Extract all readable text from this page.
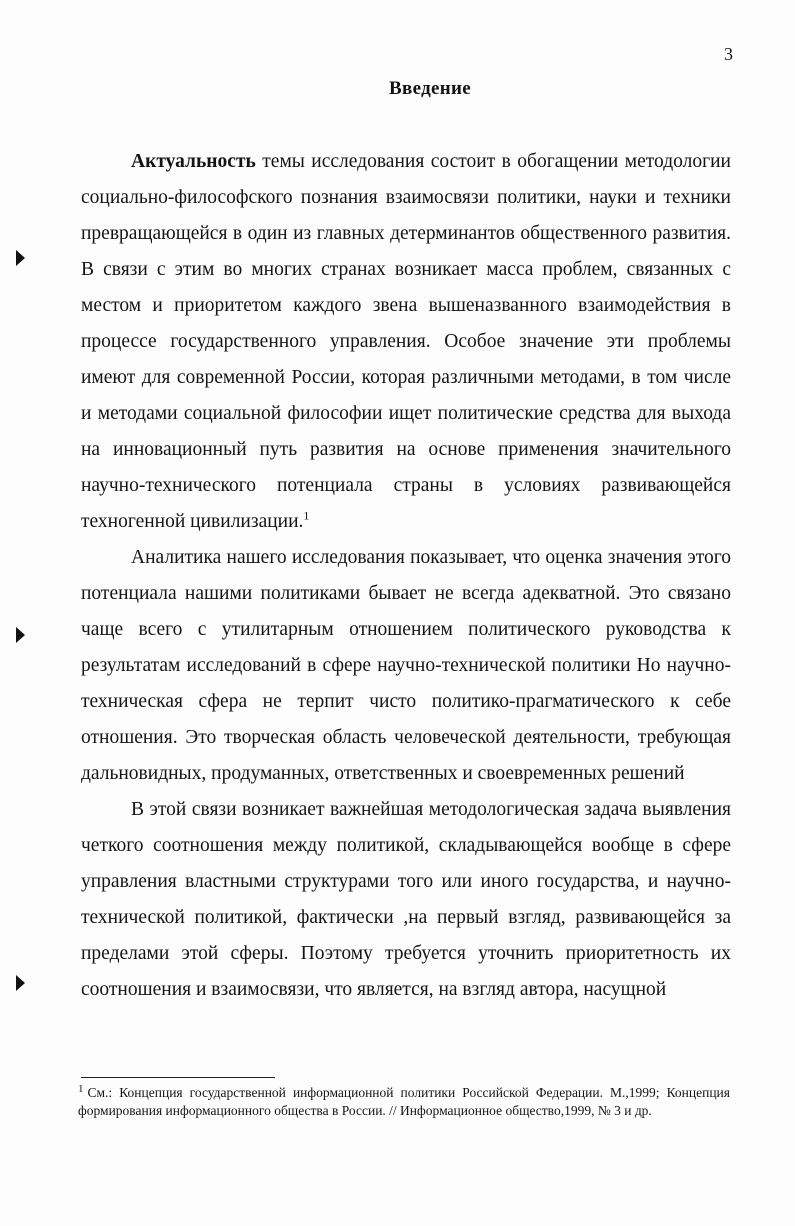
3
Введение

Актуальность темы исследования состоит в обогащении методологии социально-философского познания взаимосвязи политики, науки и техники превращающейся в один из главных детерминантов общественного развития. В связи с этим во многих странах возникает масса проблем, связанных с местом и приоритетом каждого звена вышеназванного взаимодействия в процессе государственного управления. Особое значение эти проблемы имеют для современной России, которая различными методами, в том числе и методами социальной философии ищет политические средства для выхода на инновационный путь развития на основе применения значительного научно-технического потенциала страны в условиях развивающейся техногенной цивилизации.$^1$

Аналитика нашего исследования показывает, что оценка значения этого потенциала нашими политиками бывает не всегда адекватной. Это связано чаще всего с утилитарным отношением политического руководства к результатам исследований в сфере научно-технической политики Но научно-техническая сфера не терпит чисто политико-прагматического к себе отношения. Это творческая область человеческой деятельности, требующая дальновидных, продуманных, ответственных и своевременных решений

В этой связи возникает важнейшая методологическая задача выявления четкого соотношения между политикой, складывающейся вообще в сфере управления властными структурами того или иного государства, и научно-технической политикой, фактически ,на первый взгляд, развивающейся за пределами этой сферы. Поэтому требуется уточнить приоритетность их соотношения и взаимосвязи, что является, на взгляд автора, насущной

$^1$ См.: Концепция государственной информационной политики Российской Федерации. М.,1999; Концепция формирования информационного общества в России. // Информационное общество,1999, № 3 и др.
